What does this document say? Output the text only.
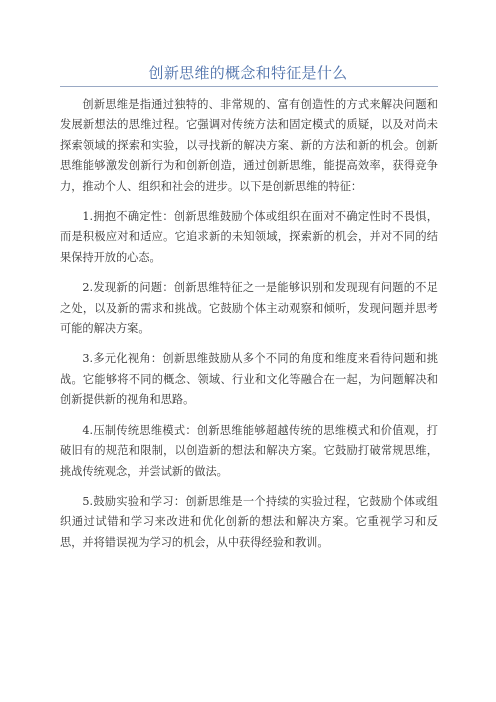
创新思维的概念和特征是什么

创新思维是指通过独特的、非常规的、富有创造性的方式来解决问题和发展新想法的思维过程。它强调对传统方法和固定模式的质疑，以及对尚未探索领域的探索和实验，以寻找新的解决方案、新的方法和新的机会。创新思维能够激发创新行为和创新创造，通过创新思维，能提高效率，获得竞争力，推动个人、组织和社会的进步。以下是创新思维的特征：

1.拥抱不确定性：创新思维鼓励个体或组织在面对不确定性时不畏惧，而是积极应对和适应。它追求新的未知领域，探索新的机会，并对不同的结果保持开放的心态。

2.发现新的问题：创新思维特征之一是能够识别和发现现有问题的不足之处，以及新的需求和挑战。它鼓励个体主动观察和倾听，发现问题并思考可能的解决方案。

3.多元化视角：创新思维鼓励从多个不同的角度和维度来看待问题和挑战。它能够将不同的概念、领域、行业和文化等融合在一起，为问题解决和创新提供新的视角和思路。

4.压制传统思维模式：创新思维能够超越传统的思维模式和价值观，打破旧有的规范和限制，以创造新的想法和解决方案。它鼓励打破常规思维，挑战传统观念，并尝试新的做法。

5.鼓励实验和学习：创新思维是一个持续的实验过程，它鼓励个体或组织通过试错和学习来改进和优化创新的想法和解决方案。它重视学习和反思，并将错误视为学习的机会，从中获得经验和教训。
